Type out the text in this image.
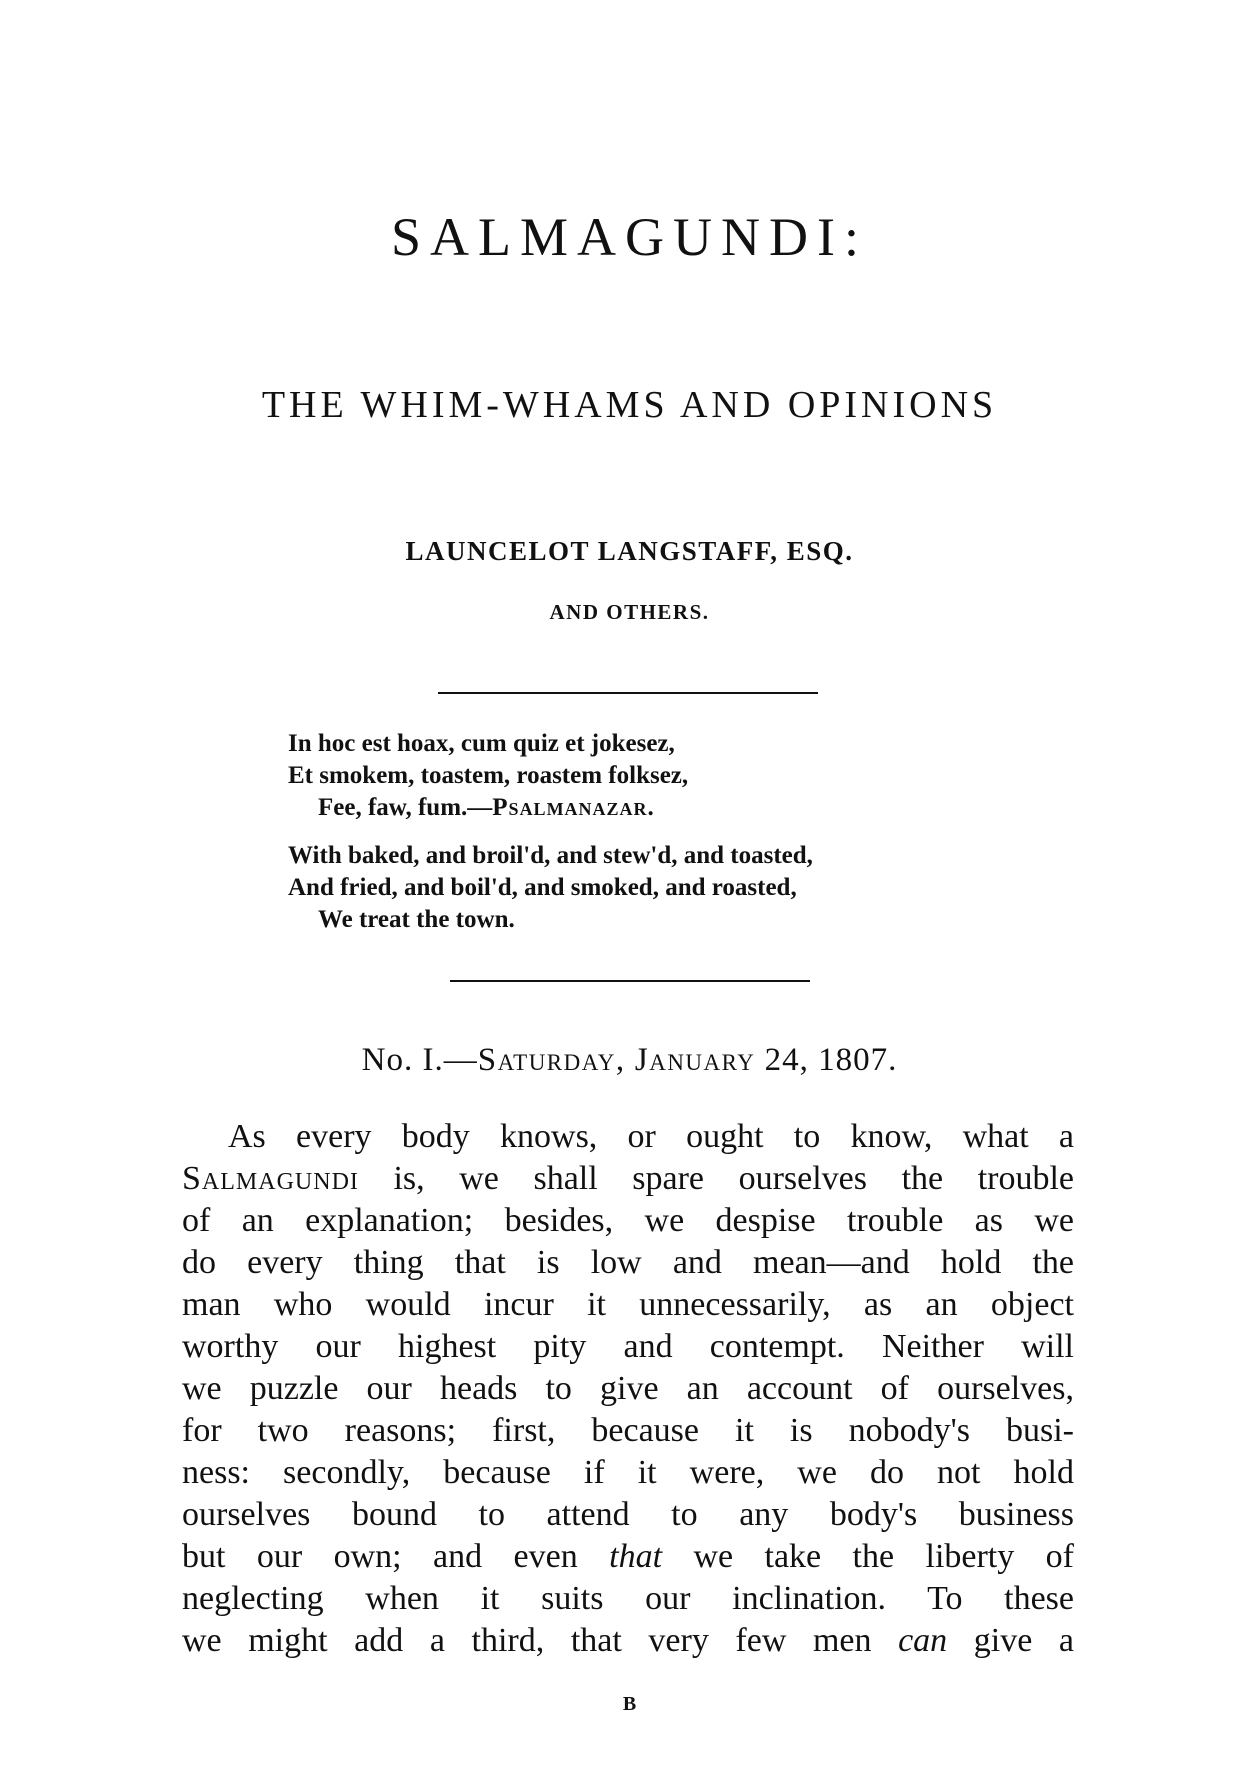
SALMAGUNDI:
THE WHIM-WHAMS AND OPINIONS
LAUNCELOT LANGSTAFF, ESQ.
AND OTHERS.
In hoc est hoax, cum quiz et jokesez,
Et smokem, toastem, roastem folksez,
Fee, faw, fum.—Psalmanazar.
With baked, and broil'd, and stew'd, and toasted,
And fried, and boil'd, and smoked, and roasted,
We treat the town.
No. I.—Saturday, January 24, 1807.
As every body knows, or ought to know, what a
Salmagundi is, we shall spare ourselves the trouble
of an explanation; besides, we despise trouble as we
do every thing that is low and mean—and hold the
man who would incur it unnecessarily, as an object
worthy our highest pity and contempt. Neither will
we puzzle our heads to give an account of ourselves,
for two reasons; first, because it is nobody's busi-
ness: secondly, because if it were, we do not hold
ourselves bound to attend to any body's business
but our own; and even that we take the liberty of
neglecting when it suits our inclination. To these
we might add a third, that very few men can give a
B
